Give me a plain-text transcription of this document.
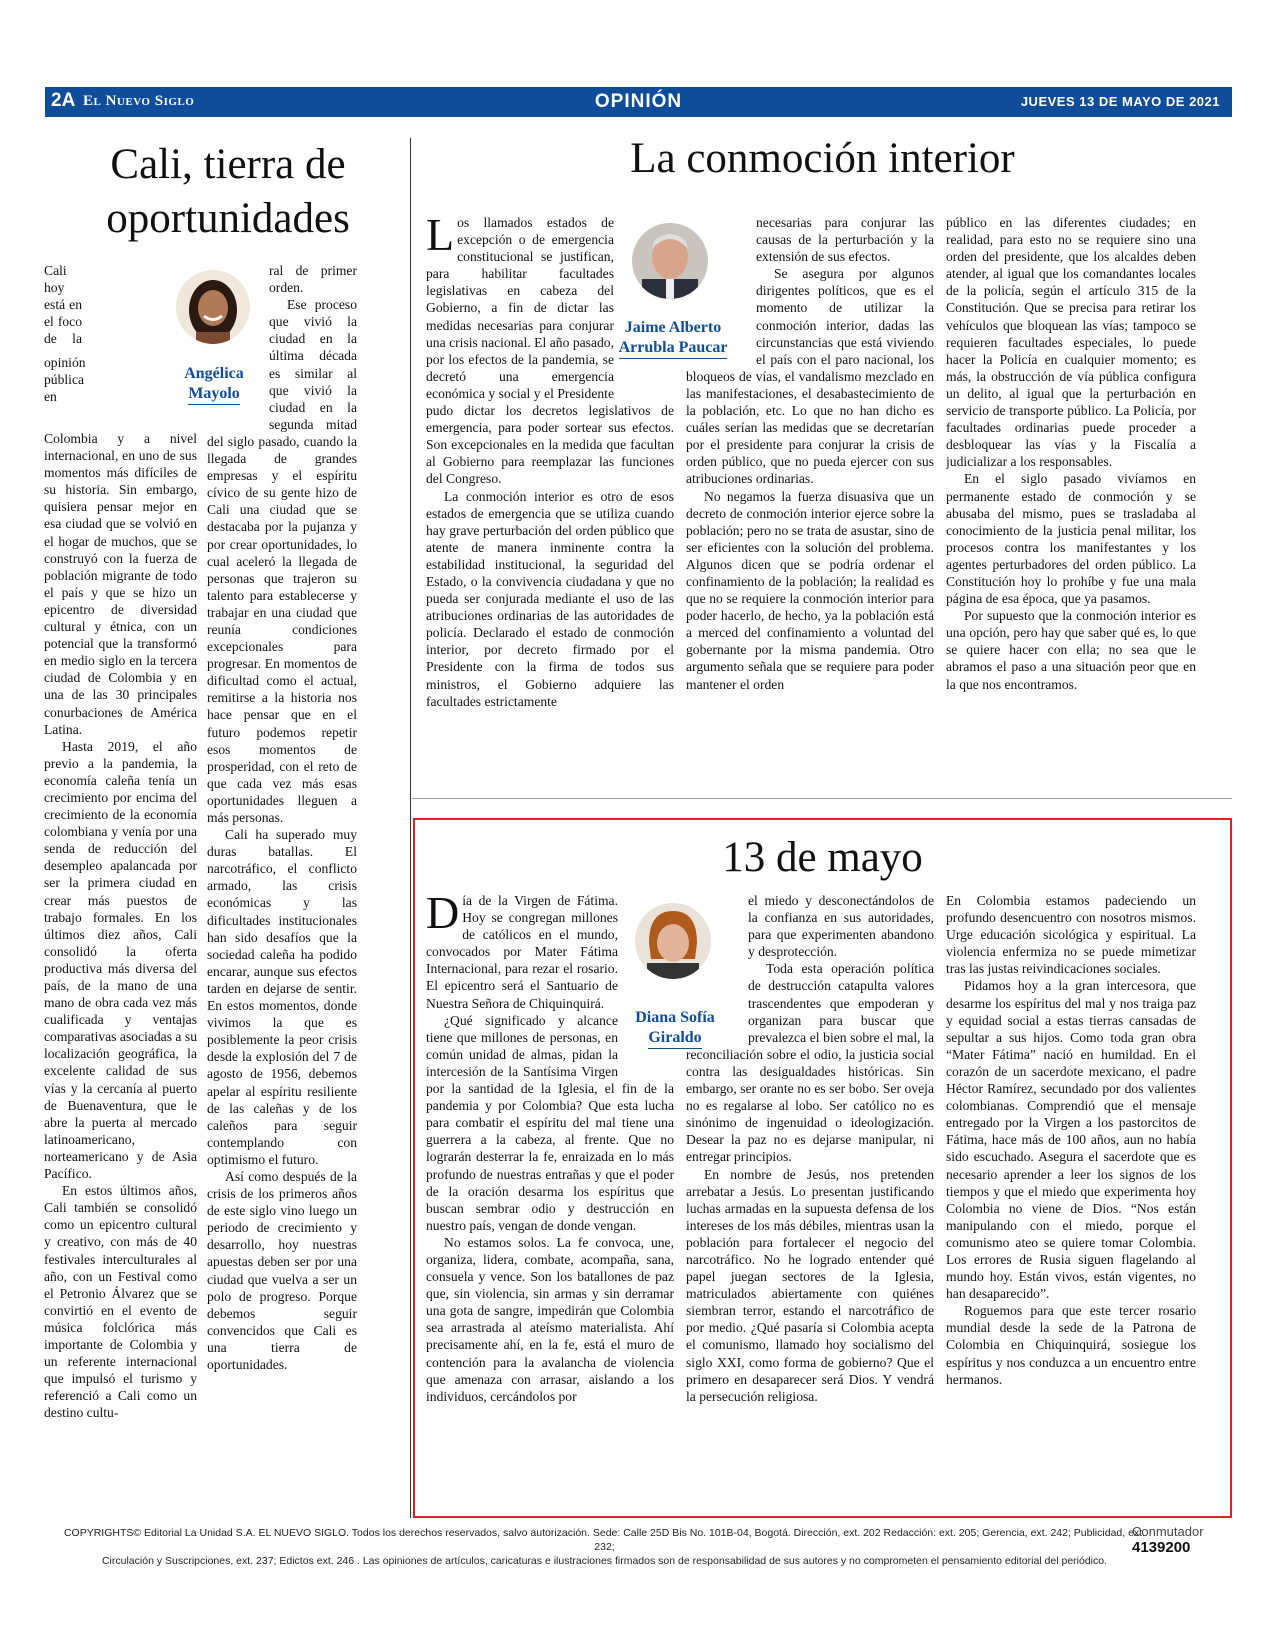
2A El Nuevo Siglo	OPINIÓN	JUEVES 13 DE MAYO DE 2021
Cali, tierra de oportunidades
Angélica
Mayolo

Cali hoy está en el foco de la opinión pública en Colombia y a nivel internacional, en uno de sus momentos más difíciles de su historia. Sin embargo, quisiera pensar mejor en esa ciudad que se volvió en el hogar de muchos, que se construyó con la fuerza de población migrante de todo el país y que se hizo un epicentro de diversidad cultural y étnica, con un potencial que la transformó en medio siglo en la tercera ciudad de Colombia y en una de las 30 principales conurbaciones de América Latina.

Hasta 2019, el año previo a la pandemia, la economía caleña tenía un crecimiento por encima del crecimiento de la economía colombiana y venía por una senda de reducción del desempleo apalancada por ser la primera ciudad en crear más puestos de trabajo formales. En los últimos diez años, Cali consolidó la oferta productiva más diversa del país, de la mano de una mano de obra cada vez más cualificada y ventajas comparativas asociadas a su localización geográfica, la excelente calidad de sus vías y la cercanía al puerto de Buenaventura, que le abre la puerta al mercado latinoamericano, norteamericano y de Asia Pacífico.

En estos últimos años, Cali también se consolidó como un epicentro cultural y creativo, con más de 40 festivales interculturales al año, con un Festival como el Petronio Álvarez que se convirtió en el evento de música folclórica más importante de Colombia y un referente internacional que impulsó el turismo y referenció a Cali como un destino cultu-

ral de primer orden.

Ese proceso que vivió la ciudad en la última década es similar al que vivió la ciudad en la segunda mitad del siglo pasado, cuando la llegada de grandes empresas y el espíritu cívico de su gente hizo de Cali una ciudad que se destacaba por la pujanza y por crear oportunidades, lo cual aceleró la llegada de personas que trajeron su talento para establecerse y trabajar en una ciudad que reunía condiciones excepcionales para progresar. En momentos de dificultad como el actual, remitirse a la historia nos hace pensar que en el futuro podemos repetir esos momentos de prosperidad, con el reto de que cada vez más esas oportunidades lleguen a más personas.

Cali ha superado muy duras batallas. El narcotráfico, el conflicto armado, las crisis económicas y las dificultades institucionales han sido desafíos que la sociedad caleña ha podido encarar, aunque sus efectos tarden en dejarse de sentir. En estos momentos, donde vivimos la que es posiblemente la peor crisis desde la explosión del 7 de agosto de 1956, debemos apelar al espíritu resiliente de las caleñas y de los caleños para seguir contemplando con optimismo el futuro.

Así como después de la crisis de los primeros años de este siglo vino luego un periodo de crecimiento y desarrollo, hoy nuestras apuestas deben ser por una ciudad que vuelva a ser un polo de progreso. Porque debemos seguir convencidos que Cali es una tierra de oportunidades.

La conmoción interior
Jaime Alberto
Arrubla Paucar

Los llamados estados de excepción o de emergencia constitucional se justifican, para habilitar facultades legislativas en cabeza del Gobierno, a fin de dictar las medidas necesarias para conjurar una crisis nacional. El año pasado, por los efectos de la pandemia, se decretó una emergencia económica y social y el Presidente pudo dictar los decretos legislativos de emergencia, para poder sortear sus efectos. Son excepcionales en la medida que facultan al Gobierno para reemplazar las funciones del Congreso.

La conmoción interior es otro de esos estados de emergencia que se utiliza cuando hay grave perturbación del orden público que atente de manera inminente contra la estabilidad institucional, la seguridad del Estado, o la convivencia ciudadana y que no pueda ser conjurada mediante el uso de las atribuciones ordinarias de las autoridades de policía. Declarado el estado de conmoción interior, por decreto firmado por el Presidente con la firma de todos sus ministros, el Gobierno adquiere las facultades estrictamente

necesarias para conjurar las causas de la perturbación y la extensión de sus efectos.

Se asegura por algunos dirigentes políticos, que es el momento de utilizar la conmoción interior, dadas las circunstancias que está viviendo el país con el paro nacional, los bloqueos de vías, el vandalismo mezclado en las manifestaciones, el desabastecimiento de la población, etc. Lo que no han dicho es cuáles serían las medidas que se decretarían por el presidente para conjurar la crisis de orden público, que no pueda ejercer con sus atribuciones ordinarias.

No negamos la fuerza disuasiva que un decreto de conmoción interior ejerce sobre la población; pero no se trata de asustar, sino de ser eficientes con la solución del problema. Algunos dicen que se podría ordenar el confinamiento de la población; la realidad es que no se requiere la conmoción interior para poder hacerlo, de hecho, ya la población está a merced del confinamiento a voluntad del gobernante por la misma pandemia. Otro argumento señala que se requiere para poder mantener el orden

público en las diferentes ciudades; en realidad, para esto no se requiere sino una orden del presidente, que los alcaldes deben atender, al igual que los comandantes locales de la policía, según el artículo 315 de la Constitución. Que se precisa para retirar los vehículos que bloquean las vías; tampoco se requieren facultades especiales, lo puede hacer la Policía en cualquier momento; es más, la obstrucción de vía pública configura un delito, al igual que la perturbación en servicio de transporte público. La Policía, por facultades ordinarias puede proceder a desbloquear las vías y la Fiscalía a judicializar a los responsables.

En el siglo pasado vivíamos en permanente estado de conmoción y se abusaba del mismo, pues se trasladaba al conocimiento de la justicia penal militar, los procesos contra los manifestantes y los agentes perturbadores del orden público. La Constitución hoy lo prohíbe y fue una mala página de esa época, que ya pasamos.

Por supuesto que la conmoción interior es una opción, pero hay que saber qué es, lo que se quiere hacer con ella; no sea que le abramos el paso a una situación peor que en la que nos encontramos.

13 de mayo
Diana Sofía
Giraldo

Día de la Virgen de Fátima. Hoy se congregan millones de católicos en el mundo, convocados por Mater Fátima Internacional, para rezar el rosario. El epicentro será el Santuario de Nuestra Señora de Chiquinquirá.

¿Qué significado y alcance tiene que millones de personas, en común unidad de almas, pidan la intercesión de la Santísima Virgen por la santidad de la Iglesia, el fin de la pandemia y por Colombia? Que esta lucha para combatir el espíritu del mal tiene una guerrera a la cabeza, al frente. Que no lograrán desterrar la fe, enraizada en lo más profundo de nuestras entrañas y que el poder de la oración desarma los espíritus que buscan sembrar odio y destrucción en nuestro país, vengan de donde vengan.

No estamos solos. La fe convoca, une, organiza, lidera, combate, acompaña, sana, consuela y vence. Son los batallones de paz que, sin violencia, sin armas y sin derramar una gota de sangre, impedirán que Colombia sea arrastrada al ateísmo materialista. Ahí precisamente ahí, en la fe, está el muro de contención para la avalancha de violencia que amenaza con arrasar, aislando a los individuos, cercándolos por

el miedo y desconectándolos de la confianza en sus autoridades, para que experimenten abandono y desprotección.

Toda esta operación política de destrucción catapulta valores trascendentes que empoderan y organizan para buscar que prevalezca el bien sobre el mal, la reconciliación sobre el odio, la justicia social contra las desigualdades históricas. Sin embargo, ser orante no es ser bobo. Ser oveja no es regalarse al lobo. Ser católico no es sinónimo de ingenuidad o ideologización. Desear la paz no es dejarse manipular, ni entregar principios.

En nombre de Jesús, nos pretenden arrebatar a Jesús. Lo presentan justificando luchas armadas en la supuesta defensa de los intereses de los más débiles, mientras usan la población para fortalecer el negocio del narcotráfico. No he logrado entender qué papel juegan sectores de la Iglesia, matriculados abiertamente con quiénes siembran terror, estando el narcotráfico de por medio. ¿Qué pasaría si Colombia acepta el comunismo, llamado hoy socialismo del siglo XXI, como forma de gobierno? Que el primero en desaparecer será Dios. Y vendrá la persecución religiosa.

En Colombia estamos padeciendo un profundo desencuentro con nosotros mismos. Urge educación sicológica y espiritual. La violencia enfermiza no se puede mimetizar tras las justas reivindicaciones sociales.

Pidamos hoy a la gran intercesora, que desarme los espíritus del mal y nos traiga paz y equidad social a estas tierras cansadas de sepultar a sus hijos. Como toda gran obra “Mater Fátima” nació en humildad. En el corazón de un sacerdote mexicano, el padre Héctor Ramírez, secundado por dos valientes colombianas. Comprendió que el mensaje entregado por la Virgen a los pastorcitos de Fátima, hace más de 100 años, aun no había sido escuchado. Asegura el sacerdote que es necesario aprender a leer los signos de los tiempos y que el miedo que experimenta hoy Colombia no viene de Dios. “Nos están manipulando con el miedo, porque el comunismo ateo se quiere tomar Colombia. Los errores de Rusia siguen flagelando al mundo hoy. Están vivos, están vigentes, no han desaparecido”.

Roguemos para que este tercer rosario mundial desde la sede de la Patrona de Colombia en Chiquinquirá, sosiegue los espíritus y nos conduzca a un encuentro entre hermanos.

COPYRIGHTS© Editorial La Unidad S.A. EL NUEVO SIGLO. Todos los derechos reservados, salvo autorización. Sede: Calle 25D Bis No. 101B-04, Bogotá. Dirección, ext. 202 Redacción: ext. 205; Gerencia, ext. 242; Publicidad, ext. 232;
Circulación y Suscripciones, ext. 237; Edictos ext. 246 . Las opiniones de artículos, caricaturas e ilustraciones firmados son de responsabilidad de sus autores y no comprometen el pensamiento editorial del periódico.
Conmutador
4139200
